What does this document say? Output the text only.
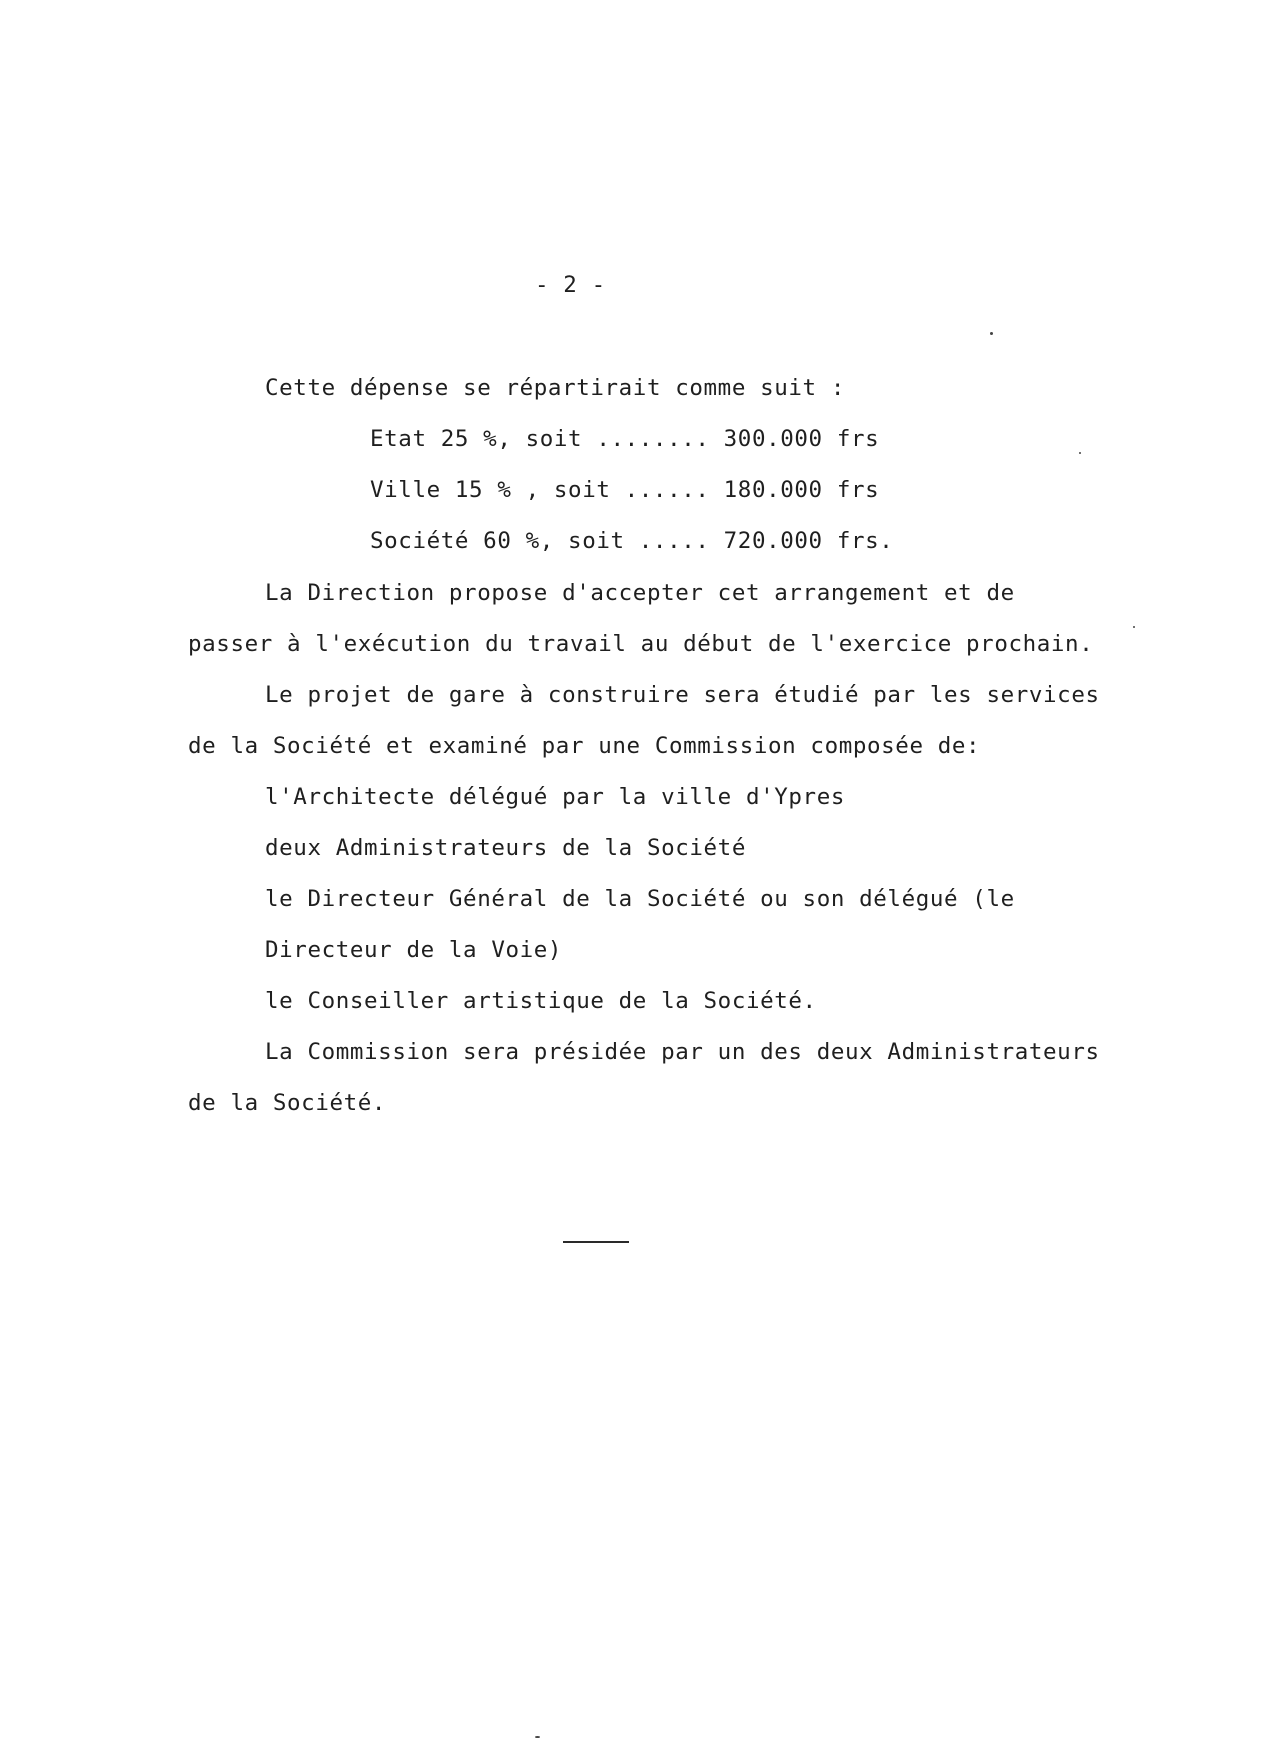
- 2 -
Cette dépense se répartirait comme suit :
Etat 25 %, soit ........ 300.000 frs
Ville 15 % , soit ...... 180.000 frs
Société 60 %, soit ..... 720.000 frs.
La Direction propose d'accepter cet arrangement et de
passer à l'exécution du travail au début de l'exercice prochain.
Le projet de gare à construire sera étudié par les services
de la Société et examiné par une Commission composée de:
l'Architecte délégué par la ville d'Ypres
deux Administrateurs de la Société
le Directeur Général de la Société ou son délégué (le
Directeur de la Voie)
le Conseiller artistique de la Société.
La Commission sera présidée par un des deux Administrateurs
de la Société.
